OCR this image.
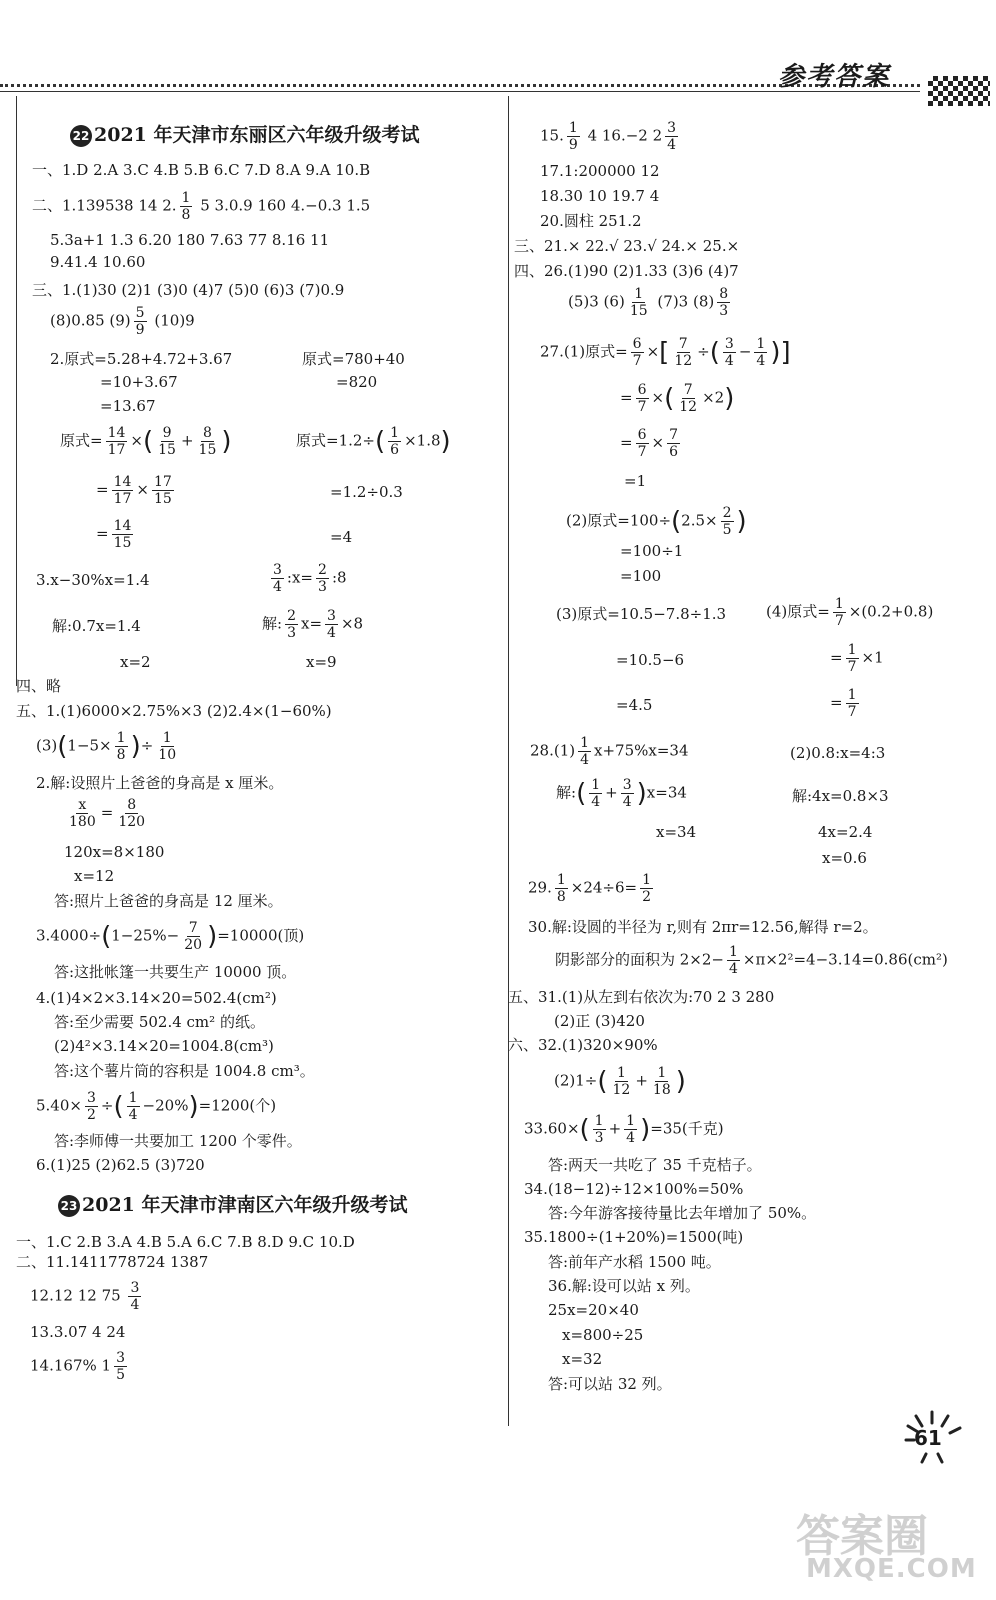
参考答案
22 2021 年天津市东丽区六年级升级考试
一、1.D 2.A 3.C 4.B 5.B 6.C 7.D 8.A 9.A 10.B
二、1.139538 14 2. $\frac{1}{8} 5$ 3.0.9 160 4.−0.3 1.5
5.3a+1 1.3 6.20 180 7.63 77 8.16 11
9.41.4 10.60
三、1.(1)30 (2)1 (3)0 (4)7 (5)0 (6)3 (7)0.9
(8)0.85 $(9) \frac{5}{9} (10)9$
2.原式=5.28+4.72+3.67	原式=780+40
=10+3.67	=820
=13.67
原式= $\frac{14}{17}$ ×( $\frac{9}{15} + \frac{8}{15}$ )	原式$=1.2\div( \frac{1}{6} \times 1.8)$
= $\frac{14}{17} \times \frac{17}{15}$	=1.2÷0.3
= $\frac{14}{15}$	=4
3.x−30%x=1.4	$\frac{3}{4}$ :x= $\frac{2}{3}$ :8
解:0.7x=1.4	解: $\frac{2}{3} x= \frac{3}{4} \times 8$
x=2	x=9
四、略
五、1.(1)6000×2.75%×3 (2)2.4×(1−60%)
$(3)(1-5\times \frac{1}{8}$ )÷ $\frac{1}{10}$
2.解:设照片上爸爸的身高是 x 厘米。
$\frac{x}{180} = \frac{8}{120}$
120x=8×180
x=12
答:照片上爸爸的身高是 12 厘米。
$3.4000\div(1-25\%- \frac{7}{20} )=10000$(顶)
答:这批帐篷一共要生产 10000 顶。
4.(1)4×2×3.14×20=502.4(cm²)
答:至少需要 502.4 cm² 的纸。
(2)4²×3.14×20=1004.8(cm³)
答:这个薯片筒的容积是 1004.8 cm³。
$5.40\times \frac{3}{2}$ ÷( $\frac{1}{4} -20\%)=1200$(个)
答:李师傅一共要加工 1200 个零件。
6.(1)25 (2)62.5 (3)720
23 2021 年天津市津南区六年级升级考试
一、1.C 2.B 3.A 4.B 5.A 6.C 7.B 8.D 9.C 10.D
二、11.1411778724 1387
12.12 12 $75 \frac{3}{4}$
13.3.07 4 24
14.167% $1 \frac{3}{5}$
15. $\frac{1}{9} 4$ 16.−2 $2 \frac{3}{4}$
17.1:200000 12
18.30 10 19.7 4
20.圆柱 251.2
三、21.× 22.√ 23.√ 24.× 25.×
四、26.(1)90 (2)1.33 (3)6 (4)7
(5)3 $(6) \frac{1}{15} (7)3$ $(8) \frac{8}{3}$
27.(1)原式= $\frac{6}{7}$ ×[ $\frac{7}{12}$ ÷( $\frac{3}{4} - \frac{1}{4}$ )]
= $\frac{6}{7}$ ×( $\frac{7}{12} \times 2$)
= $\frac{6}{7} \times \frac{7}{6}$
=1
(2)原式$=100\div(2.5\times \frac{2}{5}$ )
=100÷1
=100
(3)原式=10.5−7.8÷1.3	(4)原式= $\frac{1}{7} \times(0.2+0.8)$
=10.5−6	= $\frac{1}{7} \times 1$
=4.5	= $\frac{1}{7}$
$28.(1) \frac{1}{4} x+75\%x=34$	(2)0.8:x=4:3
解:( $\frac{1}{4} + \frac{3}{4} )x=34$	解:4x=0.8×3
x=34	4x=2.4
x=0.6
29. $\frac{1}{8} \times 24\div 6= \frac{1}{2}$
30.解:设圆的半径为 r,则有 2πr=12.56,解得 r=2。
阴影部分的面积为 $2\times 2- \frac{1}{4} \times\pi\times 2^2=4-3.14=0.86(cm^2)$
五、31.(1)从左到右依次为:70 2 3 280
(2)正 (3)420
六、32.(1)320×90%
$(2)1\div( \frac{1}{12} + \frac{1}{18}$ )
$33.60\times( \frac{1}{3} + \frac{1}{4} )=35$(千克)
答:两天一共吃了 35 千克桔子。
34.(18−12)÷12×100%=50%
答:今年游客接待量比去年增加了 50%。
35.1800÷(1+20%)=1500(吨)
答:前年产水稻 1500 吨。
36.解:设可以站 x 列。
25x=20×40
x=800÷25
x=32
答:可以站 32 列。
61
答案圈
MXQE.COM
